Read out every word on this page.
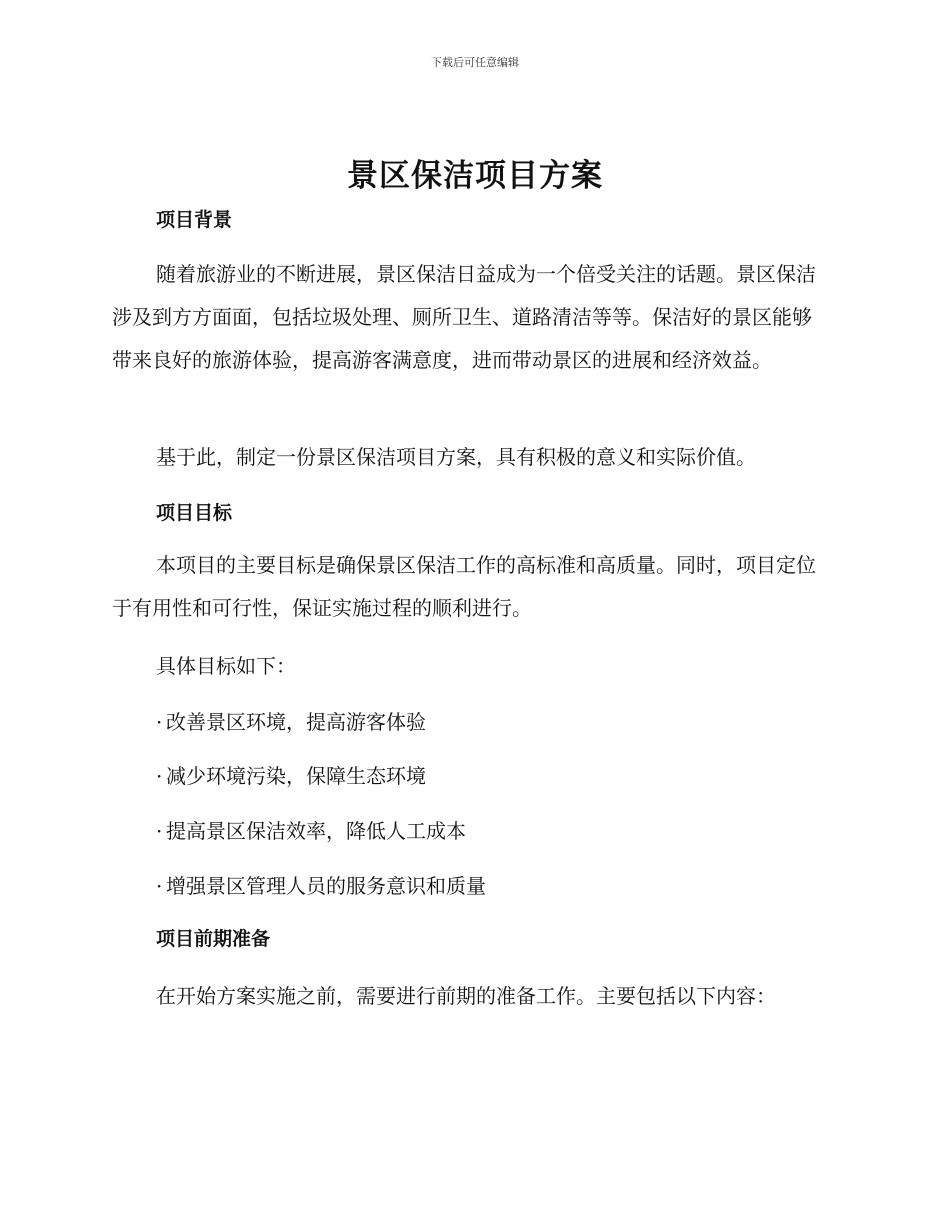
下载后可任意编辑
景区保洁项目方案
项目背景

随着旅游业的不断进展，景区保洁日益成为一个倍受关注的话题。景区保洁涉及到方方面面，包括垃圾处理、厕所卫生、道路清洁等等。保洁好的景区能够带来良好的旅游体验，提高游客满意度，进而带动景区的进展和经济效益。

基于此，制定一份景区保洁项目方案，具有积极的意义和实际价值。

项目目标

本项目的主要目标是确保景区保洁工作的高标准和高质量。同时，项目定位于有用性和可行性，保证实施过程的顺利进行。

具体目标如下：

· 改善景区环境，提高游客体验

· 减少环境污染，保障生态环境

· 提高景区保洁效率，降低人工成本

· 增强景区管理人员的服务意识和质量

项目前期准备

在开始方案实施之前，需要进行前期的准备工作。主要包括以下内容：
